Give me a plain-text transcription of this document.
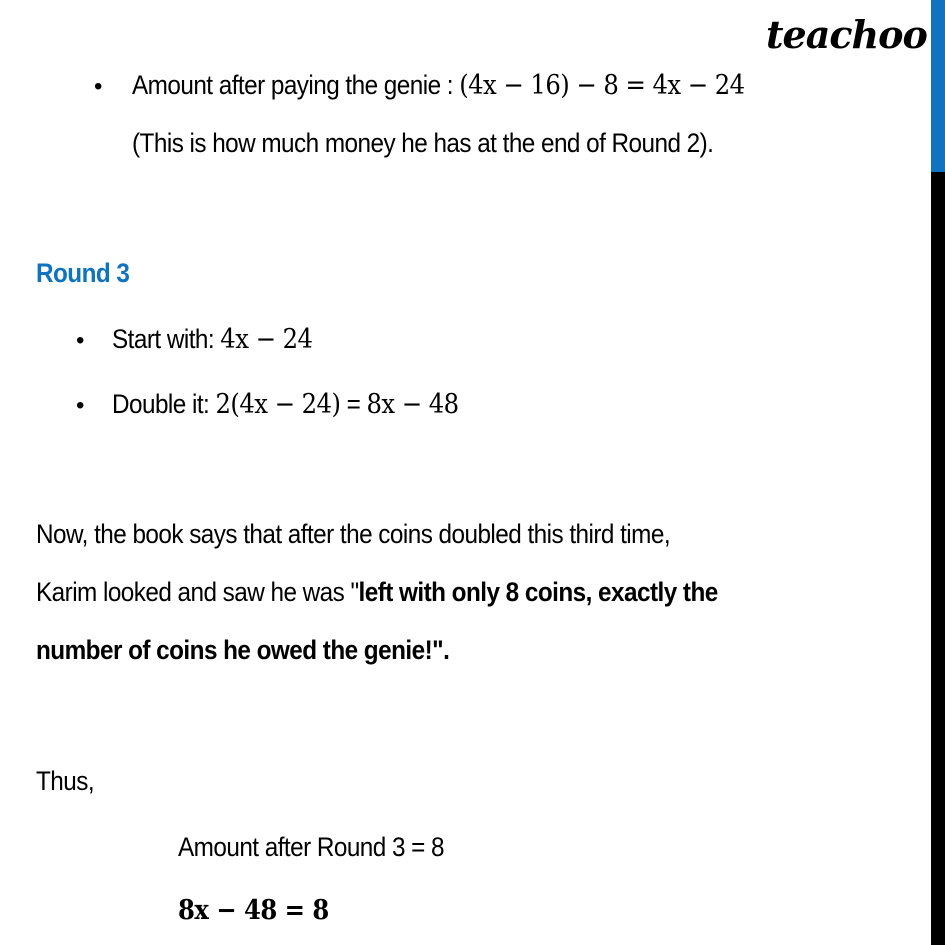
teachoo
• Amount after paying the genie : (4x − 16) − 8 = 4x − 24
(This is how much money he has at the end of Round 2).
Round 3
• Start with: 4x − 24
• Double it: 2(4x − 24) = 8x − 48
Now, the book says that after the coins doubled this third time,
Karim looked and saw he was "left with only 8 coins, exactly the
number of coins he owed the genie!".
Thus,
Amount after Round 3 = 8
8x − 48 = 8
